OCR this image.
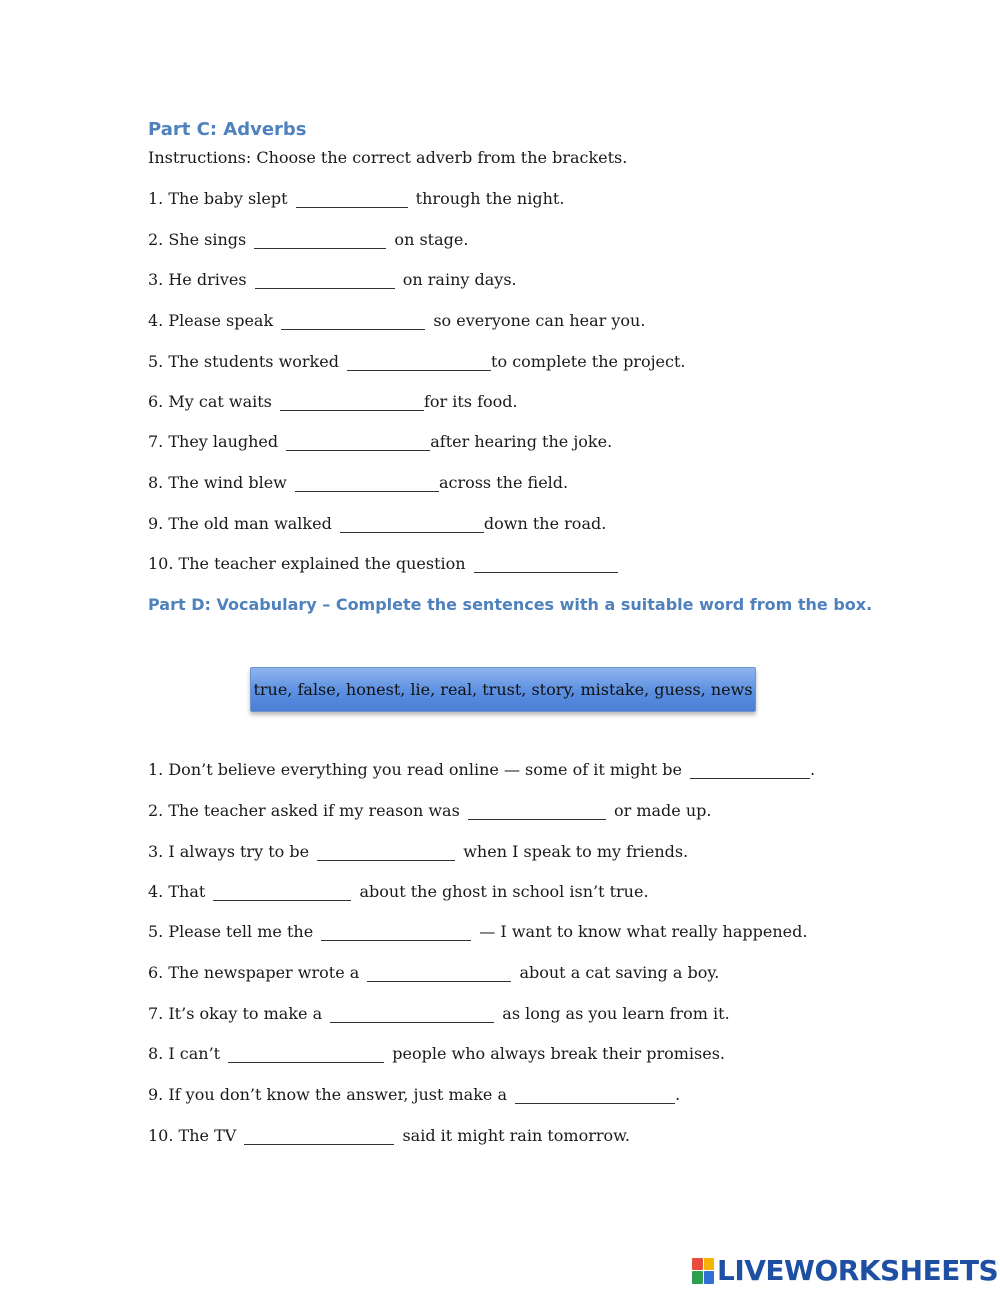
Part C: Adverbs

Instructions: Choose the correct adverb from the brackets.

1. The baby slept	through the night.

2. She sings	on stage.

3. He drives	on rainy days.

4. Please speak	so everyone can hear you.

5. The students worked	to complete the project.

6. My cat waits	for its food.

7. They laughed	after hearing the joke.

8. The wind blew	across the field.

9. The old man walked	down the road.

10. The teacher explained the question

Part D: Vocabulary – Complete the sentences with a suitable word from the box.
true, false, honest, lie, real, trust, story, mistake, guess, news

1. Don’t believe everything you read online — some of it might be	.

2. The teacher asked if my reason was	or made up.

3. I always try to be	when I speak to my friends.

4. That	about the ghost in school isn’t true.

5. Please tell me the	— I want to know what really happened.

6. The newspaper wrote a	about a cat saving a boy.

7. It’s okay to make a	as long as you learn from it.

8. I can’t	people who always break their promises.

9. If you don’t know the answer, just make a	.

10. The TV	said it might rain tomorrow.

LIVEWORKSHEETS
